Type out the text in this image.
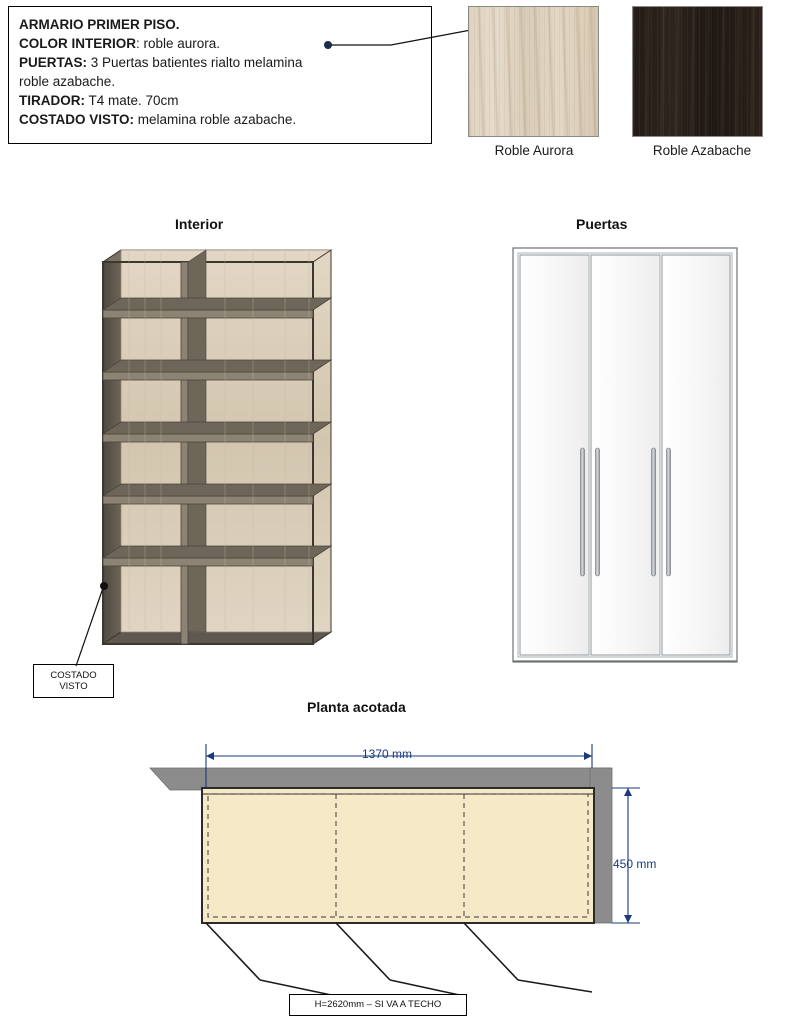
ARMARIO PRIMER PISO.
COLOR INTERIOR: roble aurora.
PUERTAS: 3 Puertas batientes rialto melamina
roble azabache.
TIRADOR: T4 mate. 70cm
COSTADO VISTO: melamina roble azabache.
Roble Aurora	Roble Azabache
Interior	Puertas
Planta acotada
COSTADO
VISTO
1370 mm
450 mm
H=2620mm – SI VA A TECHO
